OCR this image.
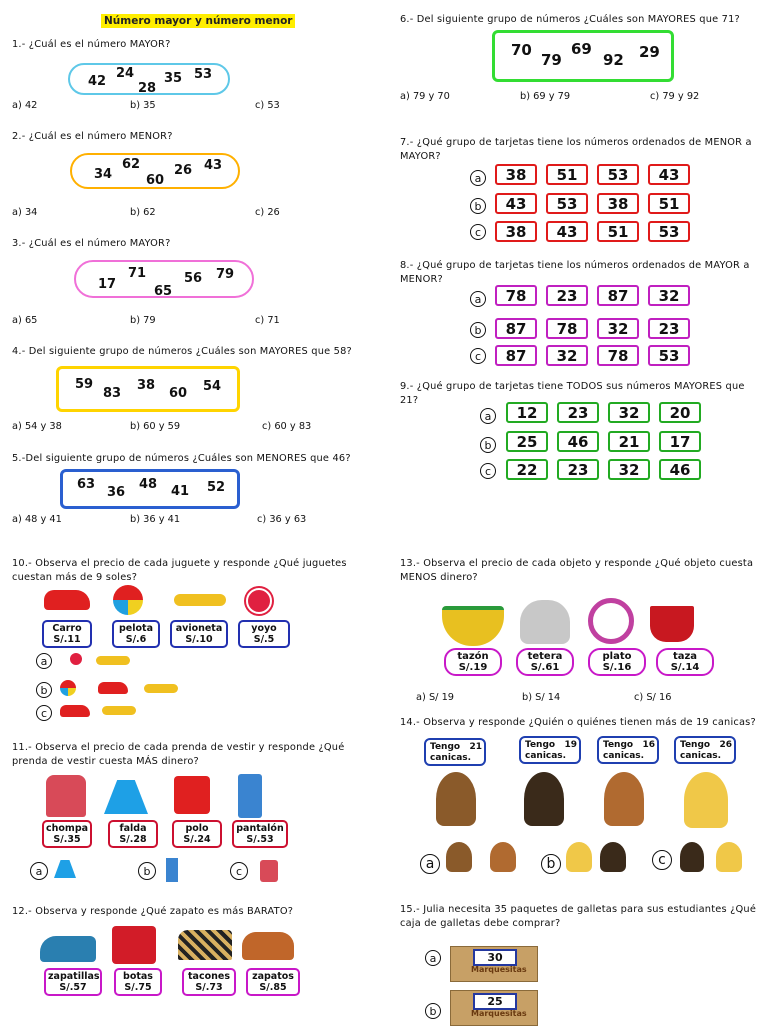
Número mayor y número menor
1.- ¿Cuál es el número MAYOR?
42
24
28
35 53
a) 42	b) 35	c) 53
2.- ¿Cuál es el número MENOR?
34
62
60
26 43
a) 34	b) 62	c) 26
3.- ¿Cuál es el número MAYOR?
17
71
65
56 79
a) 65	b) 79	c) 71
4.- Del siguiente grupo de números ¿Cuáles son MAYORES que 58?
59
83
38
60 54
a) 54 y 38	b) 60 y 59	c) 60 y 83
5.-Del siguiente grupo de números ¿Cuáles son MENORES que 46?
63
36
48 41 52
a) 48 y 41	b) 36 y 41	c) 36 y 63
10.- Observa el precio de cada juguete y responde ¿Qué juguetes
cuestan más de 9 soles?
Carro
S/.11
pelota
S/.6
avioneta
S/.10
yoyo
S/.5
a
b
c
11.- Observa el precio de cada prenda de vestir y responde ¿Qué
prenda de vestir cuesta MÁS dinero?
chompa
S/.35
falda
S/.28
polo
S/.24
pantalón
S/.53
a	b	c
12.- Observa y responde ¿Qué zapato es más BARATO?
zapatillas
S/.57
botas
S/.75
tacones
S/.73
zapatos
S/.85
6.- Del siguiente grupo de números ¿Cuáles son MAYORES que 71?
70
79
69
92 29
a) 79 y 70	b) 69 y 79	c) 79 y 92
7.- ¿Qué grupo de tarjetas tiene los números ordenados de MENOR a
MAYOR?
a	38	51	53	43
b	43	53	38	51
c	38	43	51	53
8.- ¿Qué grupo de tarjetas tiene los números ordenados de MAYOR a
MENOR?
a	78	23	87	32
b	87	78	32	23
c	87	32	78	53
9.- ¿Qué grupo de tarjetas tiene TODOS sus números MAYORES que
21?
a	12	23	32	20
b	25	46	21	17
c	22	23	32	46
13.- Observa el precio de cada objeto y responde ¿Qué objeto cuesta
MENOS dinero?
tazón
S/.19
tetera
S/.61
plato
S/.16
taza
S/.14
a) S/ 19	b) S/ 14	c) S/ 16
14.- Observa y responde ¿Quién o quiénes tienen más de 19 canicas?
Tengo 21
canicas.
Tengo 19
canicas.
Tengo 16
canicas.
Tengo 26
canicas.
a	b	c
15.- Julia necesita 35 paquetes de galletas para sus estudiantes ¿Qué
caja de galletas debe comprar?
a	30
Marquesitas
b
25
Marquesitas
